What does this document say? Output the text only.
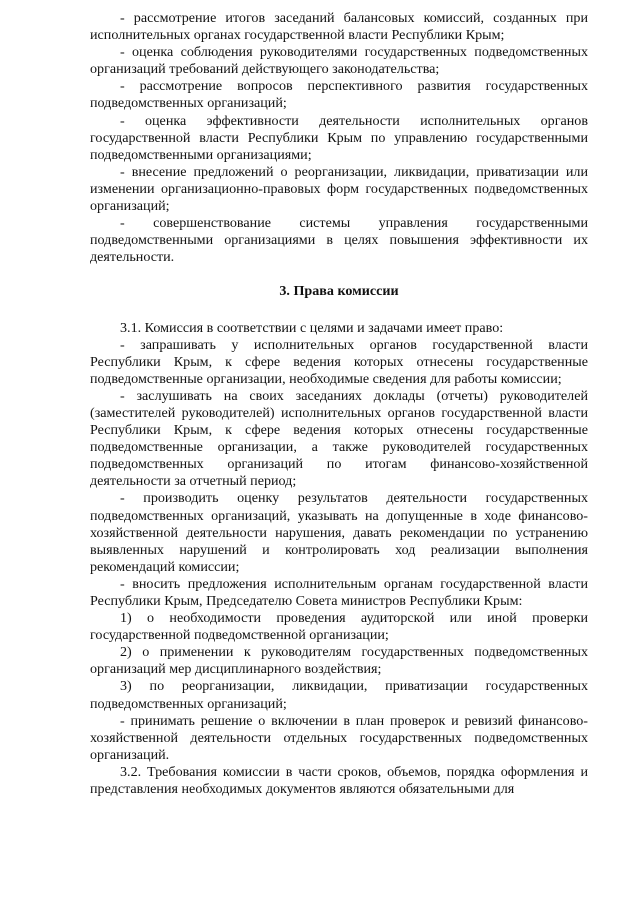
- рассмотрение итогов заседаний балансовых комиссий, созданных при исполнительных органах государственной власти Республики Крым;

- оценка соблюдения руководителями государственных подведомственных организаций требований действующего законодательства;

- рассмотрение вопросов перспективного развития государственных подведомственных организаций;

- оценка эффективности деятельности исполнительных органов государственной власти Республики Крым по управлению государственными подведомственными организациями;

- внесение предложений о реорганизации, ликвидации, приватизации или изменении организационно-правовых форм государственных подведомственных организаций;

- совершенствование системы управления государственными подведомственными организациями в целях повышения эффективности их деятельности.

3. Права комиссии

3.1. Комиссия в соответствии с целями и задачами имеет право:

- запрашивать у исполнительных органов государственной власти Республики Крым, к сфере ведения которых отнесены государственные подведомственные организации, необходимые сведения для работы комиссии;

- заслушивать на своих заседаниях доклады (отчеты) руководителей (заместителей руководителей) исполнительных органов государственной власти Республики Крым, к сфере ведения которых отнесены государственные подведомственные организации, а также руководителей государственных подведомственных организаций по итогам финансово-хозяйственной деятельности за отчетный период;

- производить оценку результатов деятельности государственных подведомственных организаций, указывать на допущенные в ходе финансово-хозяйственной деятельности нарушения, давать рекомендации по устранению выявленных нарушений и контролировать ход реализации выполнения рекомендаций комиссии;

- вносить предложения исполнительным органам государственной власти Республики Крым, Председателю Совета министров Республики Крым:

1) о необходимости проведения аудиторской или иной проверки государственной подведомственной организации;

2) о применении к руководителям государственных подведомственных организаций мер дисциплинарного воздействия;

3) по реорганизации, ликвидации, приватизации государственных подведомственных организаций;

- принимать решение о включении в план проверок и ревизий финансово-хозяйственной деятельности отдельных государственных подведомственных организаций.

3.2. Требования комиссии в части сроков, объемов, порядка оформления и представления необходимых документов являются обязательными для
